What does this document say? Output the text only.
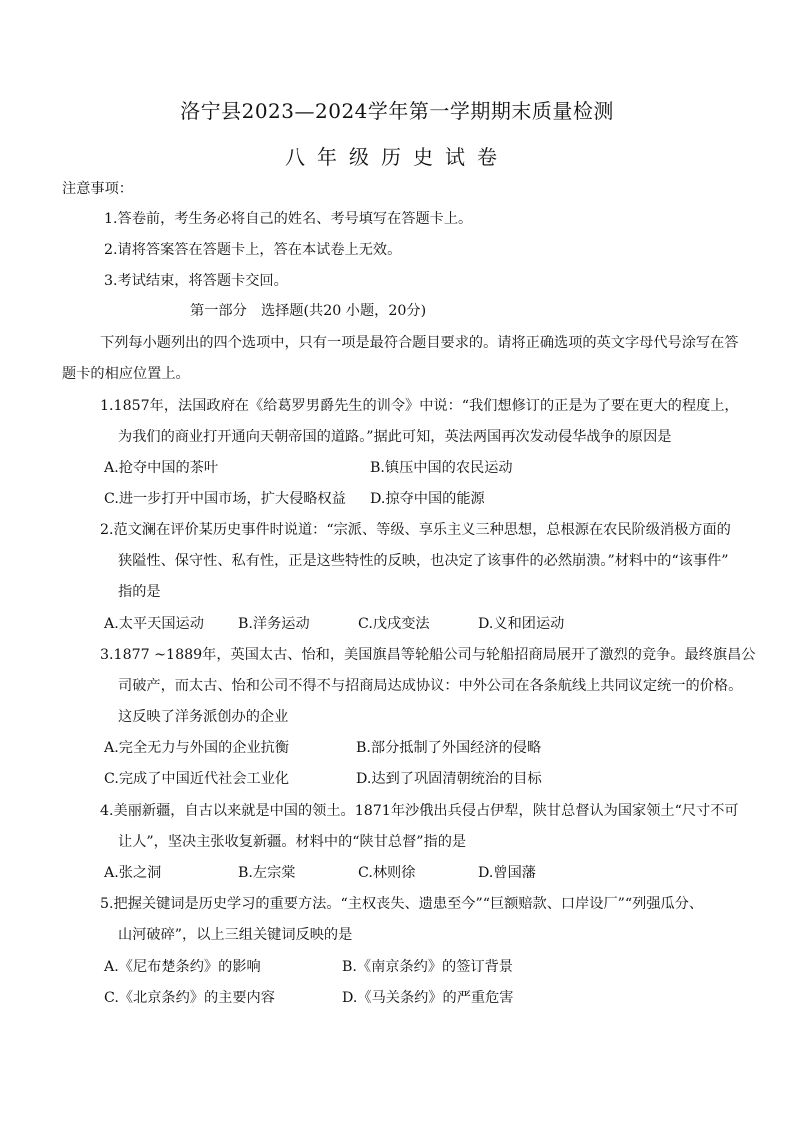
洛宁县2023—2024学年第一学期期末质量检测
八年级历史试卷
注意事项：
1.答卷前，考生务必将自己的姓名、考号填写在答题卡上。
2.请将答案答在答题卡上，答在本试卷上无效。
3.考试结束，将答题卡交回。
第一部分　选择题(共20 小题，20分)
下列每小题列出的四个选项中，只有一项是最符合题目要求的。请将正确选项的英文字母代号涂写在答
题卡的相应位置上。
1.1857年，法国政府在《给葛罗男爵先生的训令》中说：“我们想修订的正是为了要在更大的程度上，
为我们的商业打开通向天朝帝国的道路。”据此可知，英法两国再次发动侵华战争的原因是
A.抢夺中国的茶叶	B.镇压中国的农民运动
C.进一步打开中国市场，扩大侵略权益 D.掠夺中国的能源
2.范文澜在评价某历史事件时说道：“宗派、等级、享乐主义三种思想，总根源在农民阶级消极方面的
狭隘性、保守性、私有性，正是这些特性的反映，也决定了该事件的必然崩溃。”材料中的“该事件”
指的是
A.太平天国运动 B.洋务运动	C.戊戌变法	D.义和团运动
3.1877 ~1889年，英国太古、怡和，美国旗昌等轮船公司与轮船招商局展开了激烈的竞争。最终旗昌公
司破产，而太古、怡和公司不得不与招商局达成协议：中外公司在各条航线上共同议定统一的价格。
这反映了洋务派创办的企业
A.完全无力与外国的企业抗衡	B.部分抵制了外国经济的侵略
C.完成了中国近代社会工业化	D.达到了巩固清朝统治的目标
4.美丽新疆，自古以来就是中国的领土。1871年沙俄出兵侵占伊犁，陕甘总督认为国家领土“尺寸不可
让人”，坚决主张收复新疆。材料中的“陕甘总督”指的是
A.张之洞	B.左宗棠	C.林则徐	D.曾国藩
5.把握关键词是历史学习的重要方法。“主权丧失、遗患至今”“巨额赔款、口岸设厂”“列强瓜分、
山河破碎”，以上三组关键词反映的是
A.《尼布楚条约》的影响	B.《南京条约》的签订背景
C.《北京条约》的主要内容	D.《马关条约》的严重危害
